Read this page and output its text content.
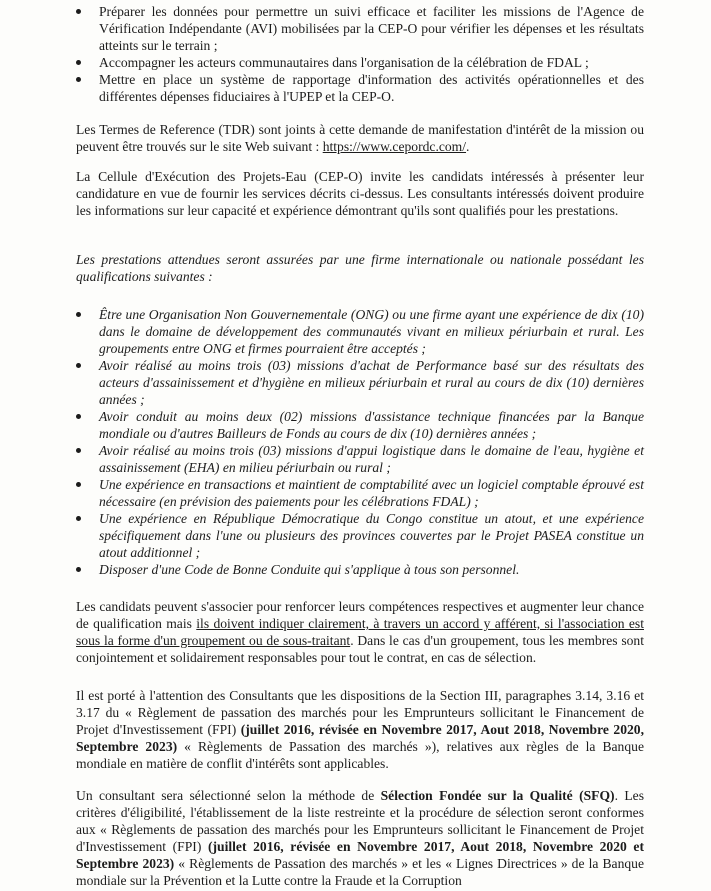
Préparer les données pour permettre un suivi efficace et faciliter les missions de l'Agence de Vérification Indépendante (AVI) mobilisées par la CEP-O pour vérifier les dépenses et les résultats atteints sur le terrain ;
Accompagner les acteurs communautaires dans l'organisation de la célébration de FDAL ;
Mettre en place un système de rapportage d'information des activités opérationnelles et des différentes dépenses fiduciaires à l'UPEP et la CEP-O.

Les Termes de Reference (TDR) sont joints à cette demande de manifestation d'intérêt de la mission ou peuvent être trouvés sur le site Web suivant : https://www.cepordc.com/.

La Cellule d'Exécution des Projets-Eau (CEP-O) invite les candidats intéressés à présenter leur candidature en vue de fournir les services décrits ci-dessus. Les consultants intéressés doivent produire les informations sur leur capacité et expérience démontrant qu'ils sont qualifiés pour les prestations.

Les prestations attendues seront assurées par une firme internationale ou nationale possédant les qualifications suivantes :

Être une Organisation Non Gouvernementale (ONG) ou une firme ayant une expérience de dix (10) dans le domaine de développement des communautés vivant en milieux périurbain et rural. Les groupements entre ONG et firmes pourraient être acceptés ;
Avoir réalisé au moins trois (03) missions d'achat de Performance basé sur des résultats des acteurs d'assainissement et d'hygiène en milieux périurbain et rural au cours de dix (10) dernières années ;
Avoir conduit au moins deux (02) missions d'assistance technique financées par la Banque mondiale ou d'autres Bailleurs de Fonds au cours de dix (10) dernières années ;
Avoir réalisé au moins trois (03) missions d'appui logistique dans le domaine de l'eau, hygiène et assainissement (EHA) en milieu périurbain ou rural ;
Une expérience en transactions et maintient de comptabilité avec un logiciel comptable éprouvé est nécessaire (en prévision des paiements pour les célébrations FDAL) ;
Une expérience en République Démocratique du Congo constitue un atout, et une expérience spécifiquement dans l'une ou plusieurs des provinces couvertes par le Projet PASEA constitue un atout additionnel ;
Disposer d'une Code de Bonne Conduite qui s'applique à tous son personnel.

Les candidats peuvent s'associer pour renforcer leurs compétences respectives et augmenter leur chance de qualification mais ils doivent indiquer clairement, à travers un accord y afférent, si l'association est sous la forme d'un groupement ou de sous-traitant. Dans le cas d'un groupement, tous les membres sont conjointement et solidairement responsables pour tout le contrat, en cas de sélection.

Il est porté à l'attention des Consultants que les dispositions de la Section III, paragraphes 3.14, 3.16 et 3.17 du « Règlement de passation des marchés pour les Emprunteurs sollicitant le Financement de Projet d'Investissement (FPI) (juillet 2016, révisée en Novembre 2017, Aout 2018, Novembre 2020, Septembre 2023) « Règlements de Passation des marchés »), relatives aux règles de la Banque mondiale en matière de conflit d'intérêts sont applicables.

Un consultant sera sélectionné selon la méthode de Sélection Fondée sur la Qualité (SFQ). Les critères d'éligibilité, l'établissement de la liste restreinte et la procédure de sélection seront conformes aux « Règlements de passation des marchés pour les Emprunteurs sollicitant le Financement de Projet d'Investissement (FPI) (juillet 2016, révisée en Novembre 2017, Aout 2018, Novembre 2020 et Septembre 2023) « Règlements de Passation des marchés » et les « Lignes Directrices » de la Banque mondiale sur la Prévention et la Lutte contre la Fraude et la Corruption
